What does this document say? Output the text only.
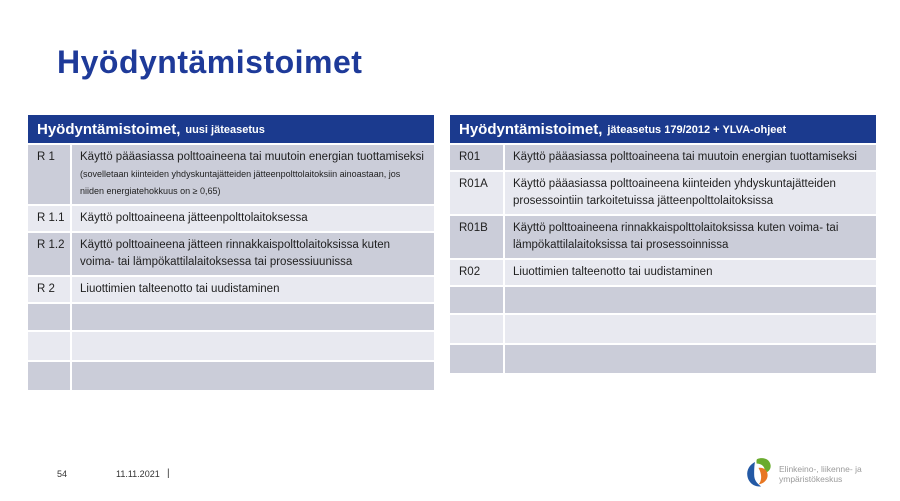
Hyödyntämistoimet
Hyödyntämistoimet, uusi jäteasetus
R 1	Käyttö pääasiassa polttoaineena tai muutoin energian tuottamiseksi (sovelletaan kiinteiden yhdyskuntajätteiden jätteenpolttolaitoksiin ainoastaan, jos niiden energiatehokkuus on ≥ 0,65)
R 1.1	Käyttö polttoaineena jätteenpolttolaitoksessa
R 1.2	Käyttö polttoaineena jätteen rinnakkaispolttolaitoksissa kuten voima- tai lämpökattilalaitoksessa tai prosessiuunissa
R 2	Liuottimien talteenotto tai uudistaminen
Hyödyntämistoimet, jäteasetus 179/2012 + YLVA-ohjeet
R01	Käyttö pääasiassa polttoaineena tai muutoin energian tuottamiseksi
R01A	Käyttö pääasiassa polttoaineena kiinteiden yhdyskuntajätteiden prosessointiin tarkoitetuissa jätteenpolttolaitoksissa
R01B	Käyttö polttoaineena rinnakkaispolttolaitoksissa kuten voima- tai lämpökattilalaitoksissa tai prosessoinnissa
R02	Liuottimien talteenotto tai uudistaminen
54	11.11.2021 |	Elinkeino-, liikenne- ja
ympäristökeskus
